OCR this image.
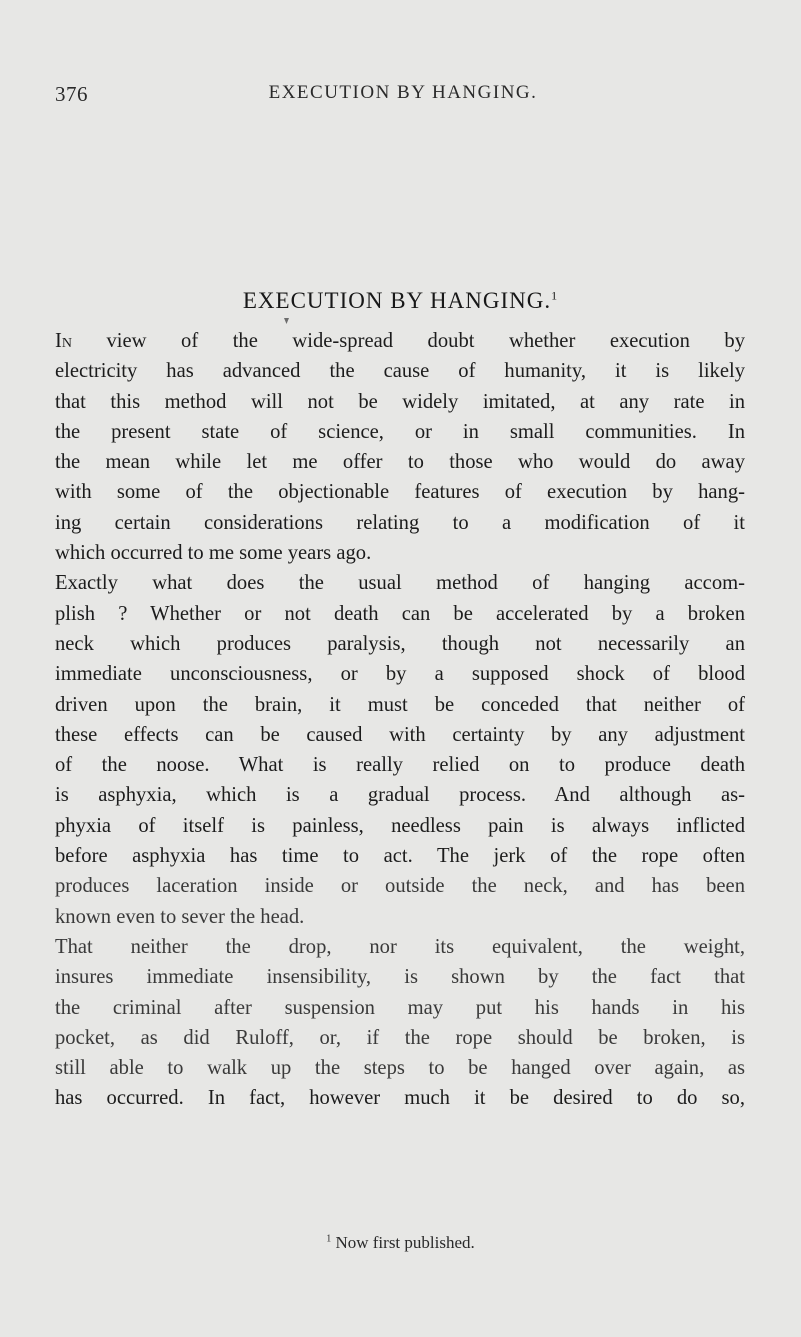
376	EXECUTION BY HANGING.
EXECUTION BY HANGING.$^1$
In view of the wide-spread doubt whether execution by
electricity has advanced the cause of humanity, it is likely
that this method will not be widely imitated, at any rate in
the present state of science, or in small communities. In
the mean while let me offer to those who would do away
with some of the objectionable features of execution by hang-
ing certain considerations relating to a modification of it
which occurred to me some years ago.
Exactly what does the usual method of hanging accom-
plish ? Whether or not death can be accelerated by a broken
neck which produces paralysis, though not necessarily an
immediate unconsciousness, or by a supposed shock of blood
driven upon the brain, it must be conceded that neither of
these effects can be caused with certainty by any adjustment
of the noose. What is really relied on to produce death
is asphyxia, which is a gradual process. And although as-
phyxia of itself is painless, needless pain is always inflicted
before asphyxia has time to act. The jerk of the rope often
produces laceration inside or outside the neck, and has been
known even to sever the head.
That neither the drop, nor its equivalent, the weight,
insures immediate insensibility, is shown by the fact that
the criminal after suspension may put his hands in his
pocket, as did Ruloff, or, if the rope should be broken, is
still able to walk up the steps to be hanged over again, as
has occurred. In fact, however much it be desired to do so,
$^1$ Now first published.
